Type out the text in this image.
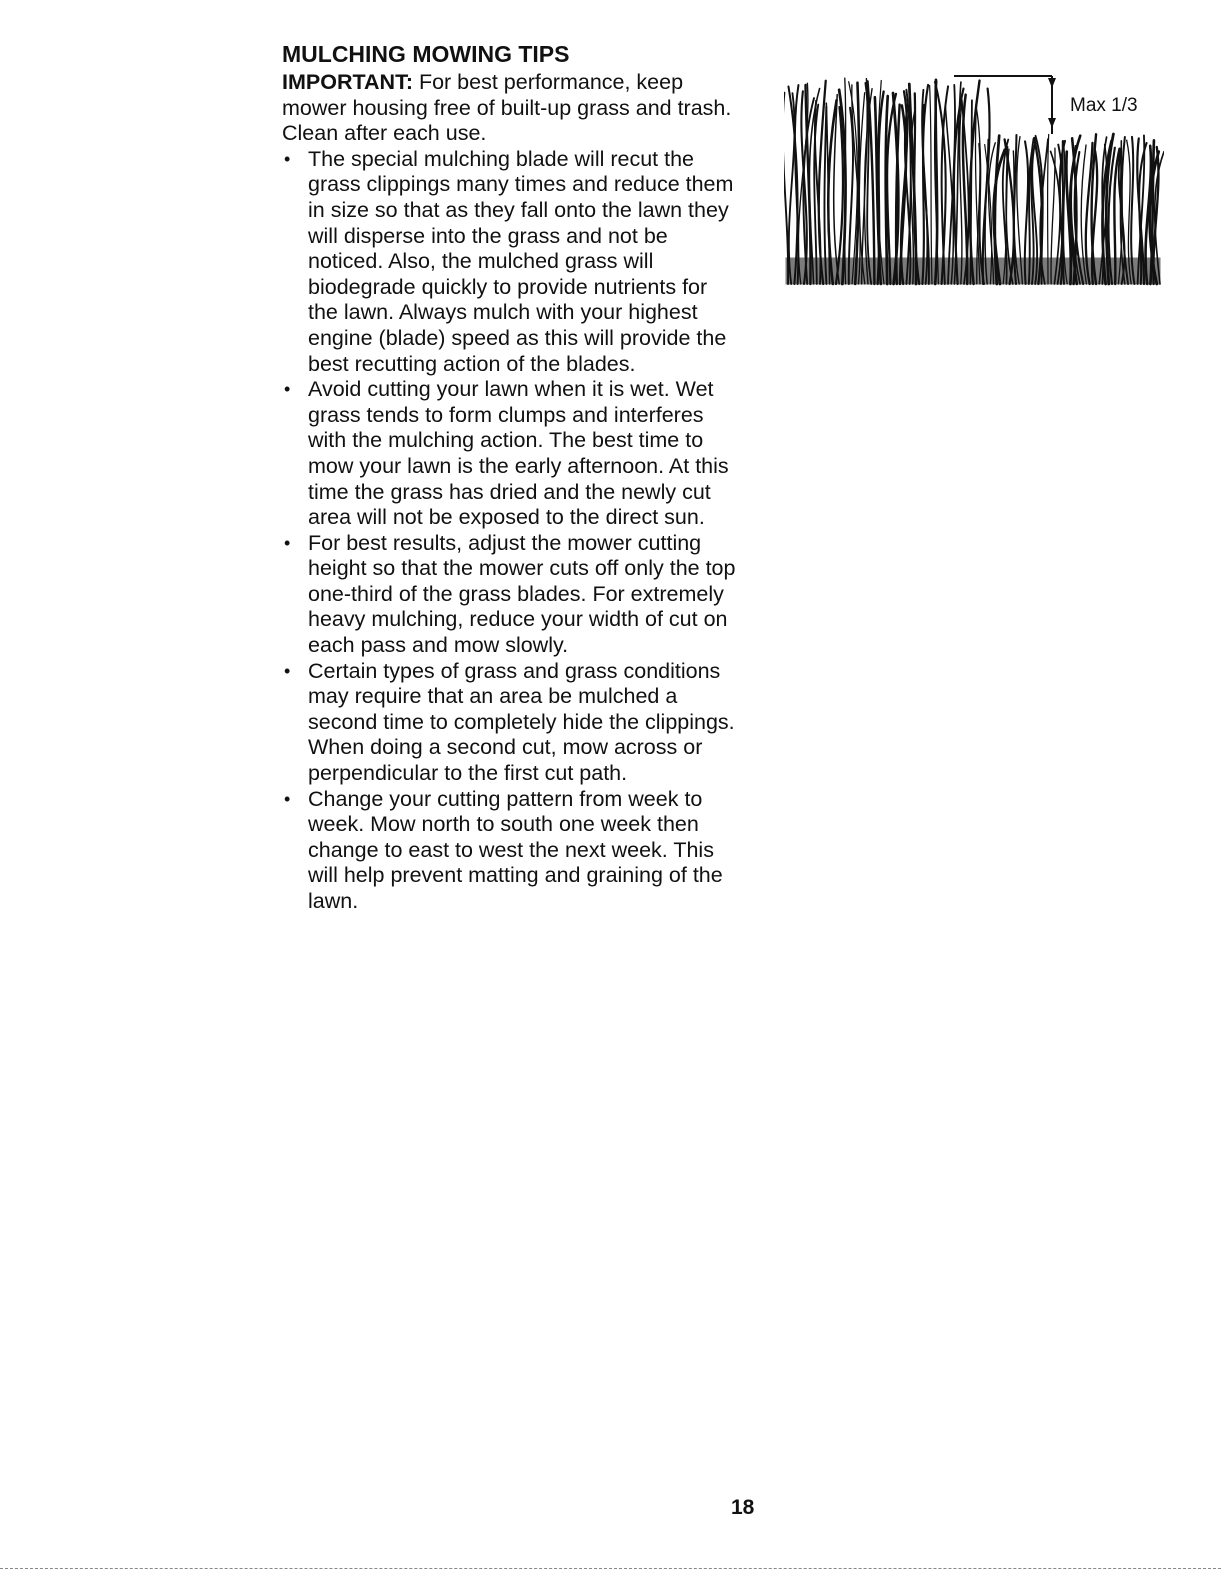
MULCHING MOWING TIPS

IMPORTANT: For best performance, keep mower housing free of built-up grass and trash. Clean after each use.

• The special mulching blade will recut the grass clippings many times and reduce them in size so that as they fall onto the lawn they will disperse into the grass and not be noticed. Also, the mulched grass will biodegrade quickly to provide nutrients for the lawn. Always mulch with your highest engine (blade) speed as this will provide the best recutting action of the blades.
• Avoid cutting your lawn when it is wet. Wet grass tends to form clumps and interferes with the mulching action. The best time to mow your lawn is the early afternoon. At this time the grass has dried and the newly cut area will not be exposed to the direct sun.
• For best results, adjust the mower cutting height so that the mower cuts off only the top one-third of the grass blades. For extremely heavy mulching, reduce your width of cut on each pass and mow slowly.
• Certain types of grass and grass conditions may require that an area be mulched a second time to completely hide the clippings. When doing a second cut, mow across or perpendicular to the first cut path.
• Change your cutting pattern from week to week. Mow north to south one week then change to east to west the next week. This will help prevent matting and graining of the lawn.
Max 1/3
18
